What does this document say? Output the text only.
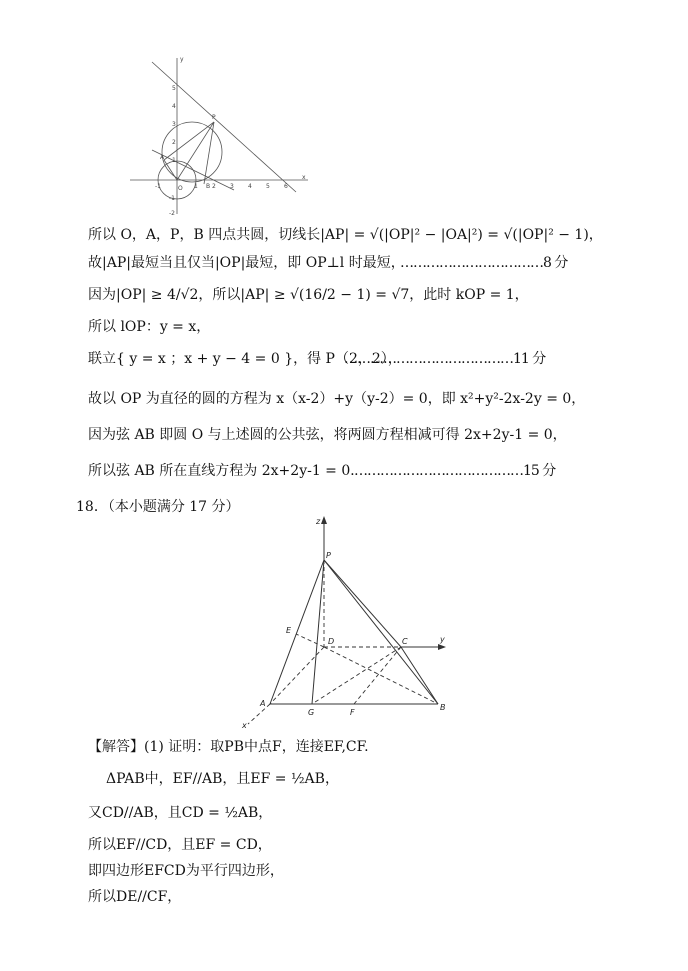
y
x
O
A
B
P
1
2
3
4
5
-1
-2
1 2 3 4 5 6
-1
所以 O，A，P，B 四点共圆，切线长|AP| = √(|OP|² − |OA|²) = √(|OP|² − 1)，
故|AP|最短当且仅当|OP|最短，即 OP⊥l 时最短，
……………………………8 分
因为|OP| ≥ 4/√2，所以|AP| ≥ √(16/2 − 1) = √7，此时 kOP = 1，
所以 lOP：y = x，
联立{ y = x ；x + y − 4 = 0 }，得 P（2，2），
…………………………………11 分
故以 OP 为直径的圆的方程为 x（x-2）+y（y-2）= 0，即 x²+y²-2x-2y = 0，
因为弦 AB 即圆 O 与上述圆的公共弦，将两圆方程相减可得 2x+2y-1 = 0，
所以弦 AB 所在直线方程为 2x+2y-1 = 0．
…………………………………15 分
18．（本小题满分 17 分）
z
P
E
D	C	y
A
G	F
B
x
【解答】(1) 证明：取PB中点F，连接EF,CF.
ΔPAB中，EF//AB，且EF = ½AB，
又CD//AB，且CD = ½AB，
所以EF//CD，且EF = CD，
即四边形EFCD为平行四边形，
所以DE//CF，
